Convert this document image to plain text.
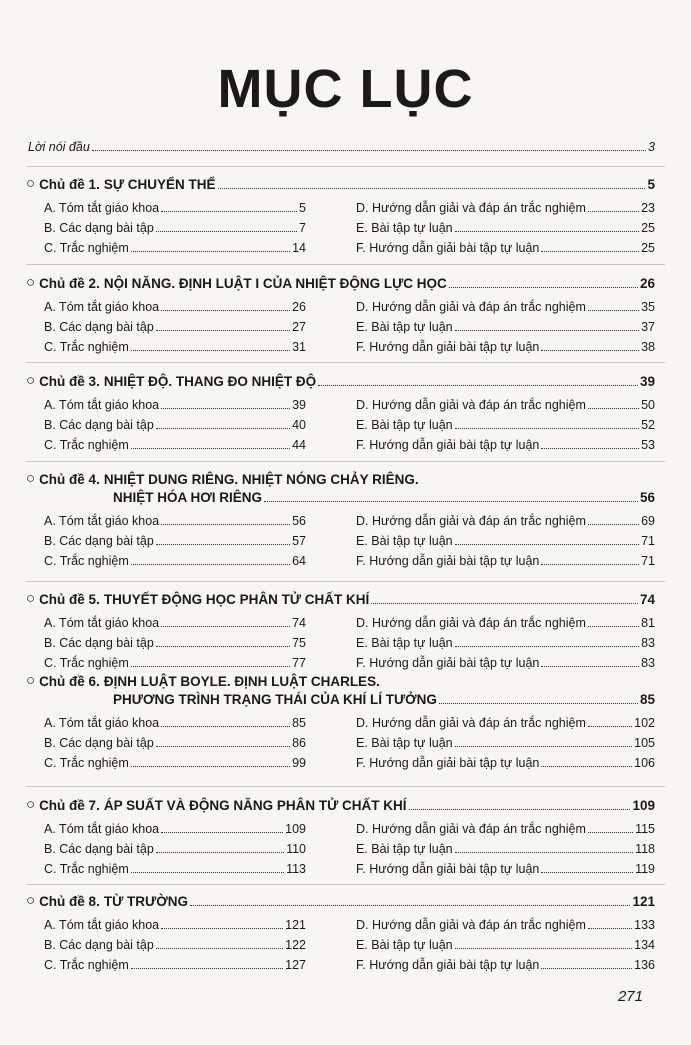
MỤC LỤC
Lời nói đầu	3
○ Chủ đề 1. SỰ CHUYỂN THỂ	5
A. Tóm tắt giáo khoa	5	D. Hướng dẫn giải và đáp án trắc nghiệm	23
B. Các dạng bài tập	7	E. Bài tập tự luận	25
C. Trắc nghiệm	14	F. Hướng dẫn giải bài tập tự luận	25
○ Chủ đề 2. NỘI NĂNG. ĐỊNH LUẬT I CỦA NHIỆT ĐỘNG LỰC HỌC	26
A. Tóm tắt giáo khoa	26	D. Hướng dẫn giải và đáp án trắc nghiệm	35
B. Các dạng bài tập	27	E. Bài tập tự luận	37
C. Trắc nghiệm	31	F. Hướng dẫn giải bài tập tự luận	38
○ Chủ đề 3. NHIỆT ĐỘ. THANG ĐO NHIỆT ĐỘ	39
A. Tóm tắt giáo khoa	39	D. Hướng dẫn giải và đáp án trắc nghiệm	50
B. Các dạng bài tập	40	E. Bài tập tự luận	52
C. Trắc nghiệm	44	F. Hướng dẫn giải bài tập tự luận	53
○ Chủ đề 4. NHIỆT DUNG RIÊNG. NHIỆT NÓNG CHẢY RIÊNG.
NHIỆT HÓA HƠI RIÊNG	56
A. Tóm tắt giáo khoa	56	D. Hướng dẫn giải và đáp án trắc nghiệm	69
B. Các dạng bài tập	57	E. Bài tập tự luận	71
C. Trắc nghiệm	64	F. Hướng dẫn giải bài tập tự luận	71
○ Chủ đề 5. THUYẾT ĐỘNG HỌC PHÂN TỬ CHẤT KHÍ	74
A. Tóm tắt giáo khoa	74	D. Hướng dẫn giải và đáp án trắc nghiệm	81
B. Các dạng bài tập	75	E. Bài tập tự luận	83
C. Trắc nghiệm	77	F. Hướng dẫn giải bài tập tự luận	83
○ Chủ đề 6. ĐỊNH LUẬT BOYLE. ĐỊNH LUẬT CHARLES.
PHƯƠNG TRÌNH TRẠNG THÁI CỦA KHÍ LÍ TƯỞNG	85
A. Tóm tắt giáo khoa	85	D. Hướng dẫn giải và đáp án trắc nghiệm	102
B. Các dạng bài tập	86	E. Bài tập tự luận	105
C. Trắc nghiệm	99	F. Hướng dẫn giải bài tập tự luận	106
○ Chủ đề 7. ÁP SUẤT VÀ ĐỘNG NĂNG PHÂN TỬ CHẤT KHÍ	109
A. Tóm tắt giáo khoa	109	D. Hướng dẫn giải và đáp án trắc nghiệm	115
B. Các dạng bài tập	110	E. Bài tập tự luận	118
C. Trắc nghiệm	113	F. Hướng dẫn giải bài tập tự luận	119
○ Chủ đề 8. TỪ TRƯỜNG	121
A. Tóm tắt giáo khoa	121	D. Hướng dẫn giải và đáp án trắc nghiệm	133
B. Các dạng bài tập	122	E. Bài tập tự luận	134
C. Trắc nghiệm	127	F. Hướng dẫn giải bài tập tự luận	136
271
